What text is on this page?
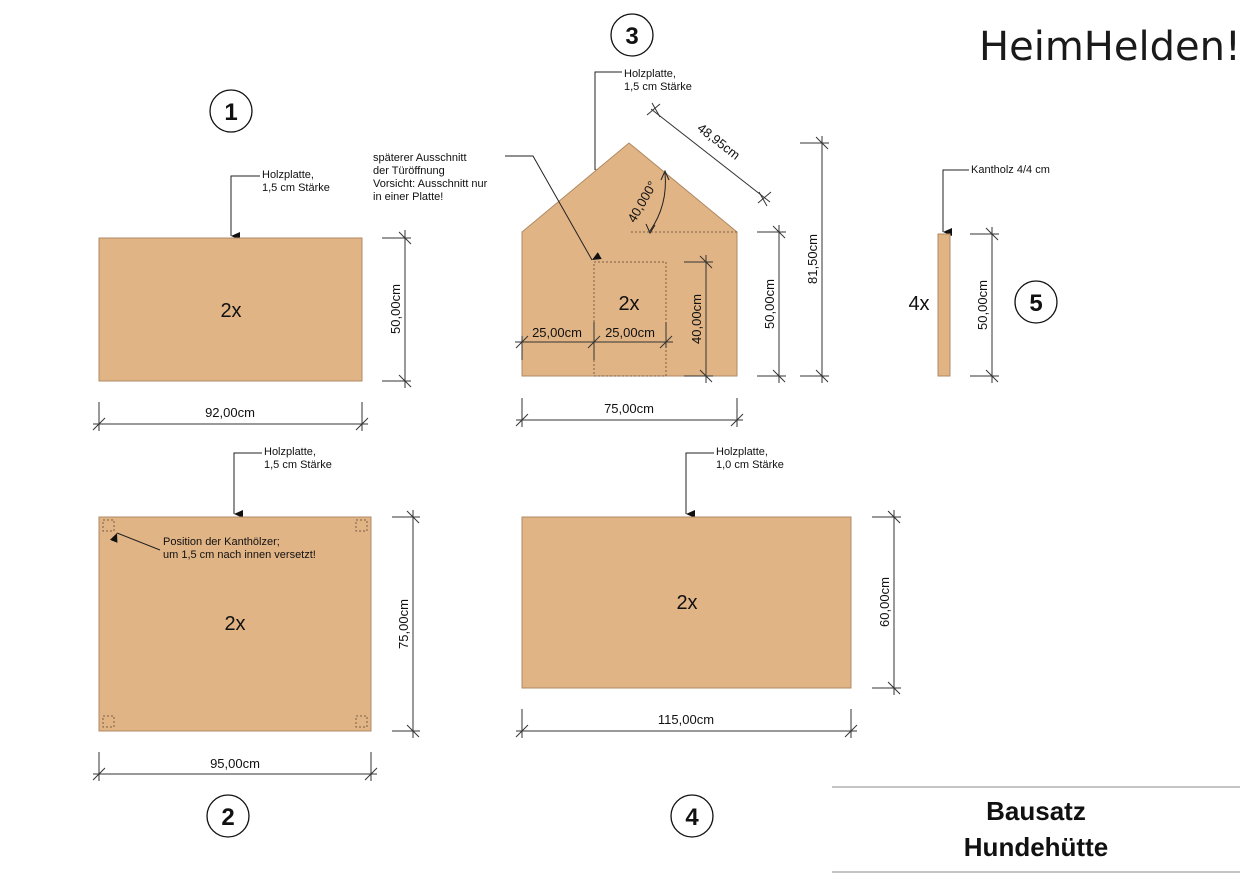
HeimHelden!
1
Holzplatte,
1,5 cm Stärke
2x	50,00cm
92,00cm
Holzplatte,
1,5 cm Stärke
Position der Kanthölzer;
um 1,5 cm nach innen versetzt!
2x	75,00cm
95,00cm
2
3
Holzplatte,
1,5 cm Stärke
2x
späterer Ausschnitt
der Türöffnung
Vorsicht: Ausschnitt nur
in einer Platte!	40,000°
48,95cm
25,00cm 25,00cm	40,00cm	50,00cm
81,50cm
75,00cm
Holzplatte,
1,0 cm Stärke
2x	60,00cm
115,00cm
4
Kantholz 4/4 cm
4x	50,00cm 5
Bausatz
Hundehütte
